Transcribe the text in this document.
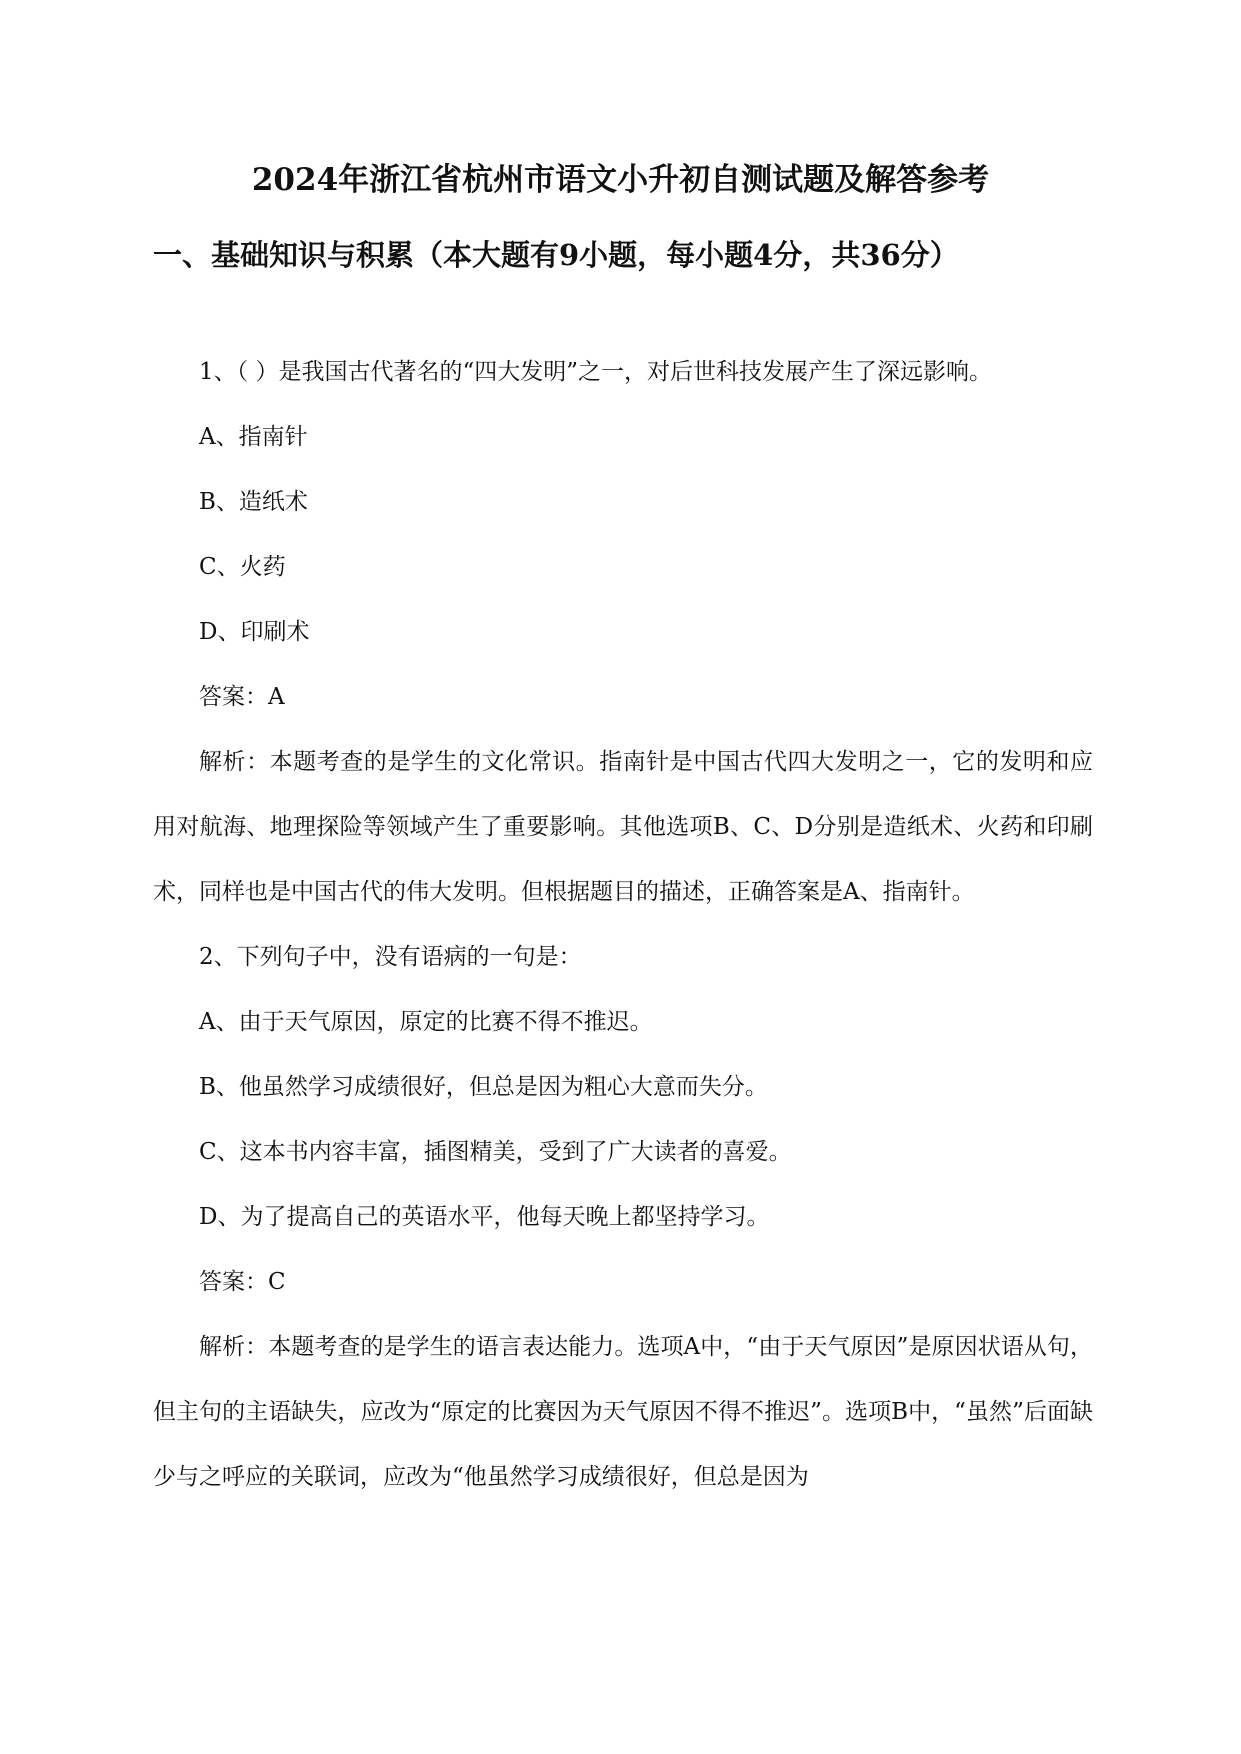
2024年浙江省杭州市语文小升初自测试题及解答参考
一、基础知识与积累（本大题有9小题，每小题4分，共36分）

1、（ ）是我国古代著名的“四大发明”之一，对后世科技发展产生了深远影响。

A、指南针

B、造纸术

C、火药

D、印刷术

答案：A

解析：本题考查的是学生的文化常识。指南针是中国古代四大发明之一，它的发明和应用对航海、地理探险等领域产生了重要影响。其他选项B、C、D分别是造纸术、火药和印刷术，同样也是中国古代的伟大发明。但根据题目的描述，正确答案是A、指南针。

2、下列句子中，没有语病的一句是：

A、由于天气原因，原定的比赛不得不推迟。

B、他虽然学习成绩很好，但总是因为粗心大意而失分。

C、这本书内容丰富，插图精美，受到了广大读者的喜爱。

D、为了提高自己的英语水平，他每天晚上都坚持学习。

答案：C

解析：本题考查的是学生的语言表达能力。选项A中，“由于天气原因”是原因状语从句，但主句的主语缺失，应改为“原定的比赛因为天气原因不得不推迟”。选项B中，“虽然”后面缺少与之呼应的关联词，应改为“他虽然学习成绩很好，但总是因为
